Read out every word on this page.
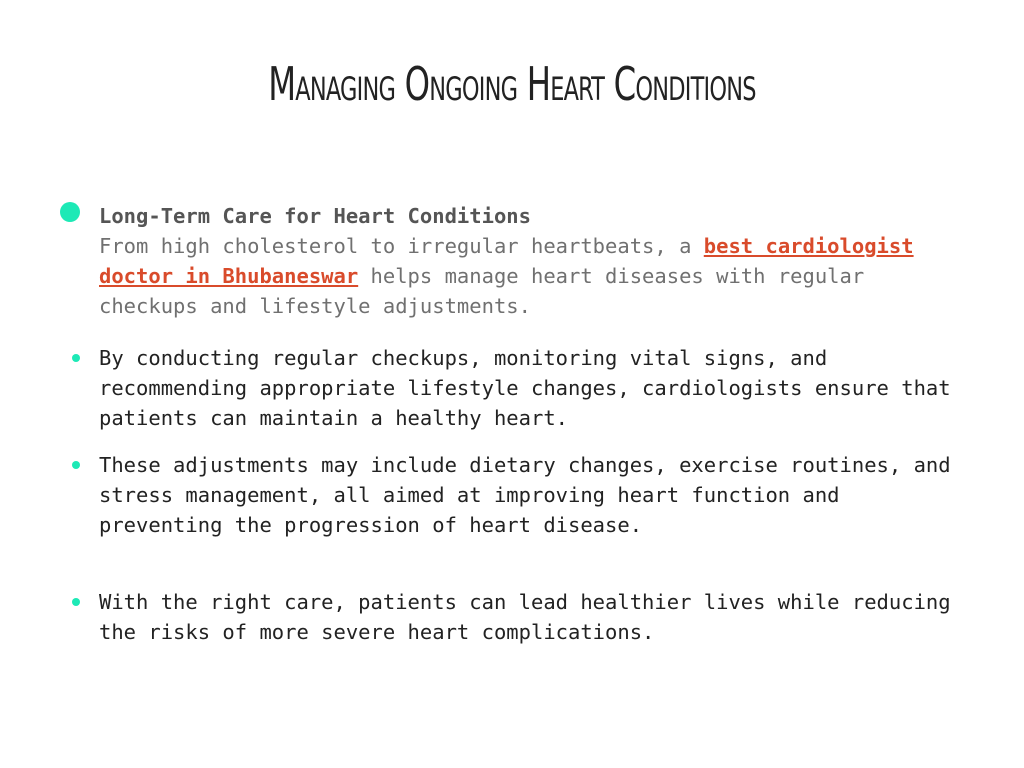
Managing Ongoing Heart Conditions
Long-Term Care for Heart Conditions
From high cholesterol to irregular heartbeats, a best cardiologist doctor in Bhubaneswar helps manage heart diseases with regular checkups and lifestyle adjustments.
By conducting regular checkups, monitoring vital signs, and recommending appropriate lifestyle changes, cardiologists ensure that patients can maintain a healthy heart.
These adjustments may include dietary changes, exercise routines, and stress management, all aimed at improving heart function and preventing the progression of heart disease.
With the right care, patients can lead healthier lives while reducing the risks of more severe heart complications.
